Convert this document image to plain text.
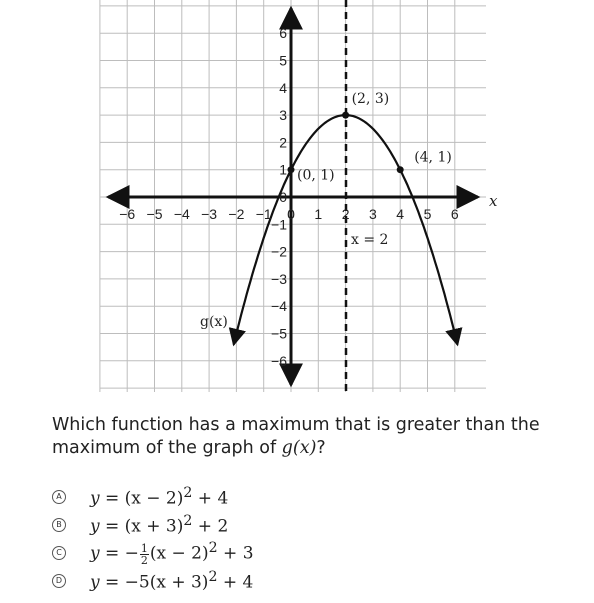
6
5
4
3
2
1
0
−1
−2
−3
−4
−5
−6
−6 −5 −4 −3 −2 −1 0 1 2 3 4 5 6
(0, 1)
(2, 3)
(4, 1)
x
x = 2
g(x)

Which function has a maximum that is greater than the maximum of the graph of g(x)?

A $y = (x - 2)^2 + 4$
B $y = (x + 3)^2 + 2$
C y = − $\frac{1}{2} (x - 2)^2 + 3$
D $y = -5(x + 3)^2 + 4$
